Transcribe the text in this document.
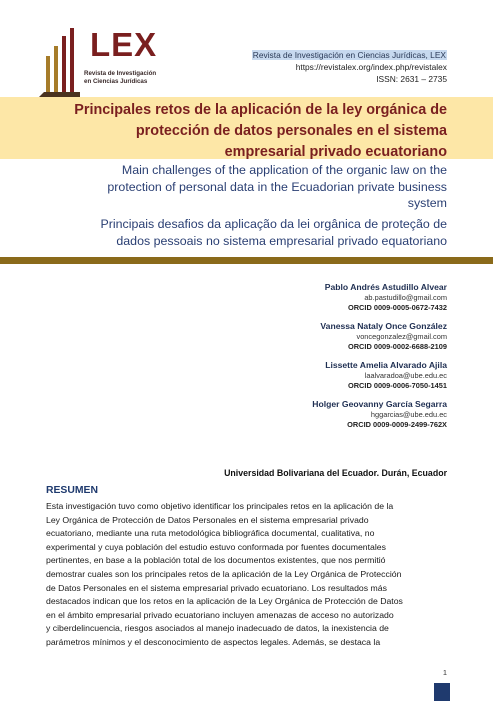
LEX
Revista de Investigación
en Ciencias Jurídicas
Revista de Investigación en Ciencias Jurídicas, LEX
https://revistalex.org/index.php/revistalex
ISSN: 2631 – 2735
Principales retos de la aplicación de la ley orgánica de
protección de datos personales en el sistema
empresarial privado ecuatoriano
Main challenges of the application of the organic law on the
protection of personal data in the Ecuadorian private business
system
Principais desafios da aplicação da lei orgânica de proteção de
dados pessoais no sistema empresarial privado equatoriano
Pablo Andrés Astudillo Alvear
ab.pastudillo@gmail.com
ORCID 0009-0005-0672-7432
Vanessa Nataly Once González
voncegonzalez@gmail.com
ORCID 0009-0002-6688-2109
Lissette Amelia Alvarado Ajila
laalvaradoa@ube.edu.ec
ORCID 0009-0006-7050-1451
Holger Geovanny García Segarra
hggarcias@ube.edu.ec
ORCID 0009-0009-2499-762X
Universidad Bolivariana del Ecuador. Durán, Ecuador
RESUMEN
Esta investigación tuvo como objetivo identificar los principales retos en la aplicación de la
Ley Orgánica de Protección de Datos Personales en el sistema empresarial privado
ecuatoriano, mediante una ruta metodológica bibliográfica documental, cualitativa, no
experimental y cuya población del estudio estuvo conformada por fuentes documentales
pertinentes, en base a la población total de los documentos existentes, que nos permitió
demostrar cuales son los principales retos de la aplicación de la Ley Orgánica de Protección
de Datos Personales en el sistema empresarial privado ecuatoriano. Los resultados más
destacados indican que los retos en la aplicación de la Ley Orgánica de Protección de Datos
en el ámbito empresarial privado ecuatoriano incluyen amenazas de acceso no autorizado
y ciberdelincuencia, riesgos asociados al manejo inadecuado de datos, la inexistencia de
parámetros mínimos y el desconocimiento de aspectos legales. Además, se destaca la
1
